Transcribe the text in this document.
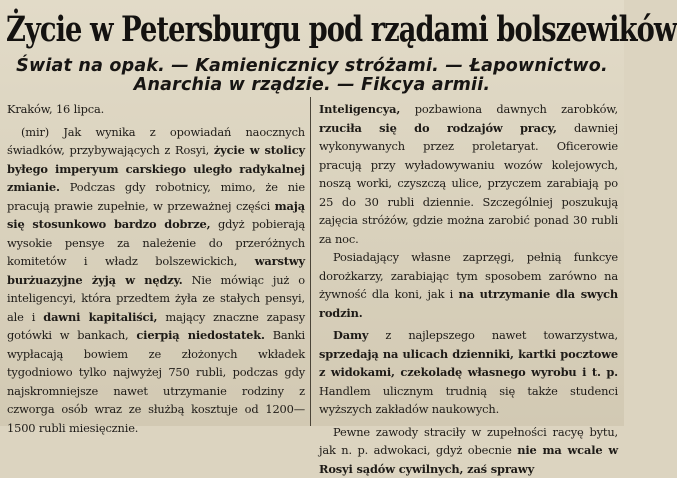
Życie w Petersburgu pod rządami bolszewików
Świat na opak. — Kamienicznicy stróżami. — Łapownictwo.
Anarchia w rządzie. — Fikcya armii.

Kraków, 16 lipca.

(mir) Jak wynika z opowiadań naocznych świadków, przybywających z Rosyi, życie w stolicy byłego imperyum carskiego uległo radykalnej zmianie. Podczas gdy robotnicy, mimo, że nie pracują prawie zupełnie, w przeważnej części mają się stosunkowo bardzo dobrze, gdyż pobierają wysokie pensye za należenie do przeróżnych komitetów i władz bolszewickich, warstwy burżuazyjne żyją w nędzy. Nie mówiąc już o inteligencyi, która przedtem żyła ze stałych pensyi, ale i dawni kapitaliści, mający znaczne zapasy gotówki w bankach, cierpią niedostatek. Banki wypłacają bowiem ze złożonych wkładek tygodniowo tylko najwyżej 750 rubli, podczas gdy najskromniejsze nawet utrzymanie rodziny z czworga osób wraz ze służbą kosztuje od 1200—1500 rubli miesięcznie.

Inteligencya, pozbawiona dawnych zarobków, rzuciła się do rodzajów pracy, dawniej wykonywanych przez proletaryat. Oficerowie pracują przy wyładowywaniu wozów kolejowych, noszą worki, czyszczą ulice, przyczem zarabiają po 25 do 30 rubli dziennie. Szczególniej poszukują zajęcia stróżów, gdzie można zarobić ponad 30 rubli za noc.

Posiadający własne zaprzęgi, pełnią funkcye dorożkarzy, zarabiając tym sposobem zarówno na żywność dla koni, jak i na utrzymanie dla swych rodzin.

Damy z najlepszego nawet towarzystwa, sprzedają na ulicach dzienniki, kartki pocztowe z widokami, czekoladę własnego wyrobu i t. p. Handlem ulicznym trudnią się także studenci wyższych zakładów naukowych.

Pewne zawody straciły w zupełności racyę bytu, jak n. p. adwokaci, gdyż obecnie nie ma wcale w Rosyi sądów cywilnych, zaś sprawy
